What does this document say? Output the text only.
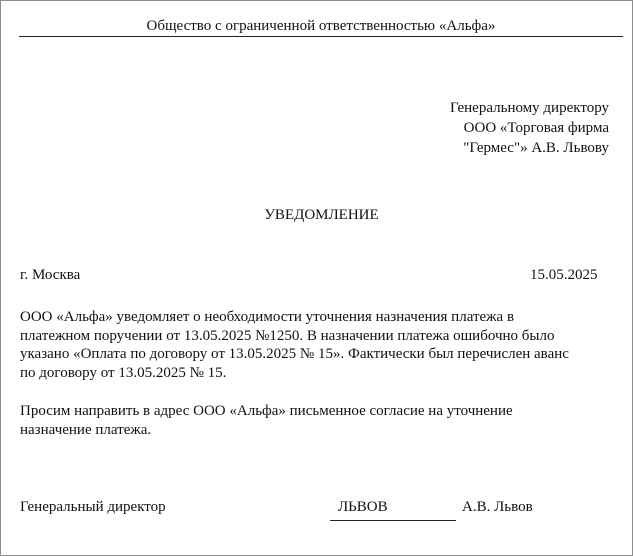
Общество с ограниченной ответственностью «Альфа»
Генеральному директору
ООО «Торговая фирма
"Гермес"» А.В. Львову
УВЕДОМЛЕНИЕ
г. Москва	15.05.2025

ООО «Альфа» уведомляет о необходимости уточнения назначения платежа в
платежном поручении от 13.05.2025 №1250. В назначении платежа ошибочно было
указано «Оплата по договору от 13.05.2025 № 15». Фактически был перечислен аванс
по договору от 13.05.2025 № 15.

Просим направить в адрес ООО «Альфа» письменное согласие на уточнение
назначение платежа.

Генеральный директор	ЛЬВОВ	А.В. Львов
